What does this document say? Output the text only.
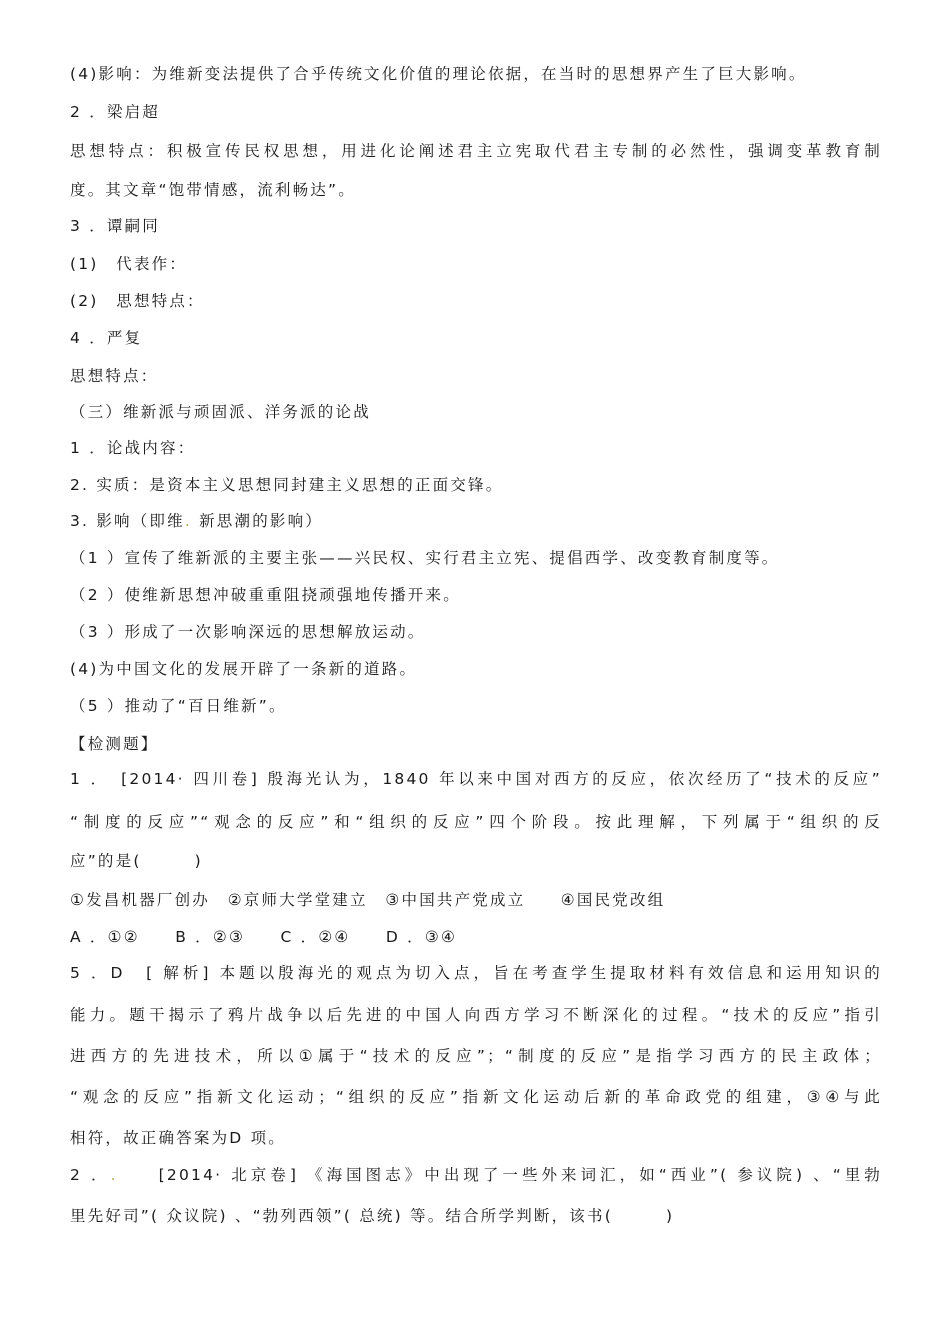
(4)影响：为维新变法提供了合乎传统文化价值的理论依据，在当时的思想界产生了巨大影响。
2 ．梁启超
思想特点：积极宣传民权思想，用进化论阐述君主立宪取代君主专制的必然性，强调变革教育制
度。其文章“饱带情感，流利畅达”。
3 ．谭嗣同
(1)　代表作：
(2)　思想特点：
4 ．严复
思想特点：
（三）维新派与顽固派、洋务派的论战
1 ．论战内容：
2. 实质：是资本主义思想同封建主义思想的正面交锋。
3. 影响（即维. 新思潮的影响）
（1 ）宣传了维新派的主要主张——兴民权、实行君主立宪、提倡西学、改变教育制度等。
（2 ）使维新思想冲破重重阻挠顽强地传播开来。
（3 ）形成了一次影响深远的思想解放运动。
(4)为中国文化的发展开辟了一条新的道路。
（5 ）推动了“百日维新”。
【检测题】
1 ．　[2014· 四川卷] 殷海光认为，1840 年以来中国对西方的反应，依次经历了“技术的反应”
“制度的反应”“观念的反应”和“组织的反应”四个阶段。按此理解，下列属于“组织的反
应”的是(　　　)
①发昌机器厂创办　②京师大学堂建立　③中国共产党成立　　④国民党改组
A ．①②　　B ．②③　　C ．②④　　D ．③④
5 ．D　[ 解析] 本题以殷海光的观点为切入点，旨在考查学生提取材料有效信息和运用知识的
能力。题干揭示了鸦片战争以后先进的中国人向西方学习不断深化的过程。“技术的反应”指引
进西方的先进技术，所以①属于“技术的反应”；“制度的反应”是指学习西方的民主政体；
“观念的反应”指新文化运动；“组织的反应”指新文化运动后新的革命政党的组建，③④与此
相符，故正确答案为D 项。
2 ．.　　	[2014· 北京卷] 《海国图志》中出现了一些外来词汇，如“西业”( 参议院) 、“里勃
里先好司”( 众议院) 、“勃列西领”( 总统) 等。结合所学判断，该书(　　　)
